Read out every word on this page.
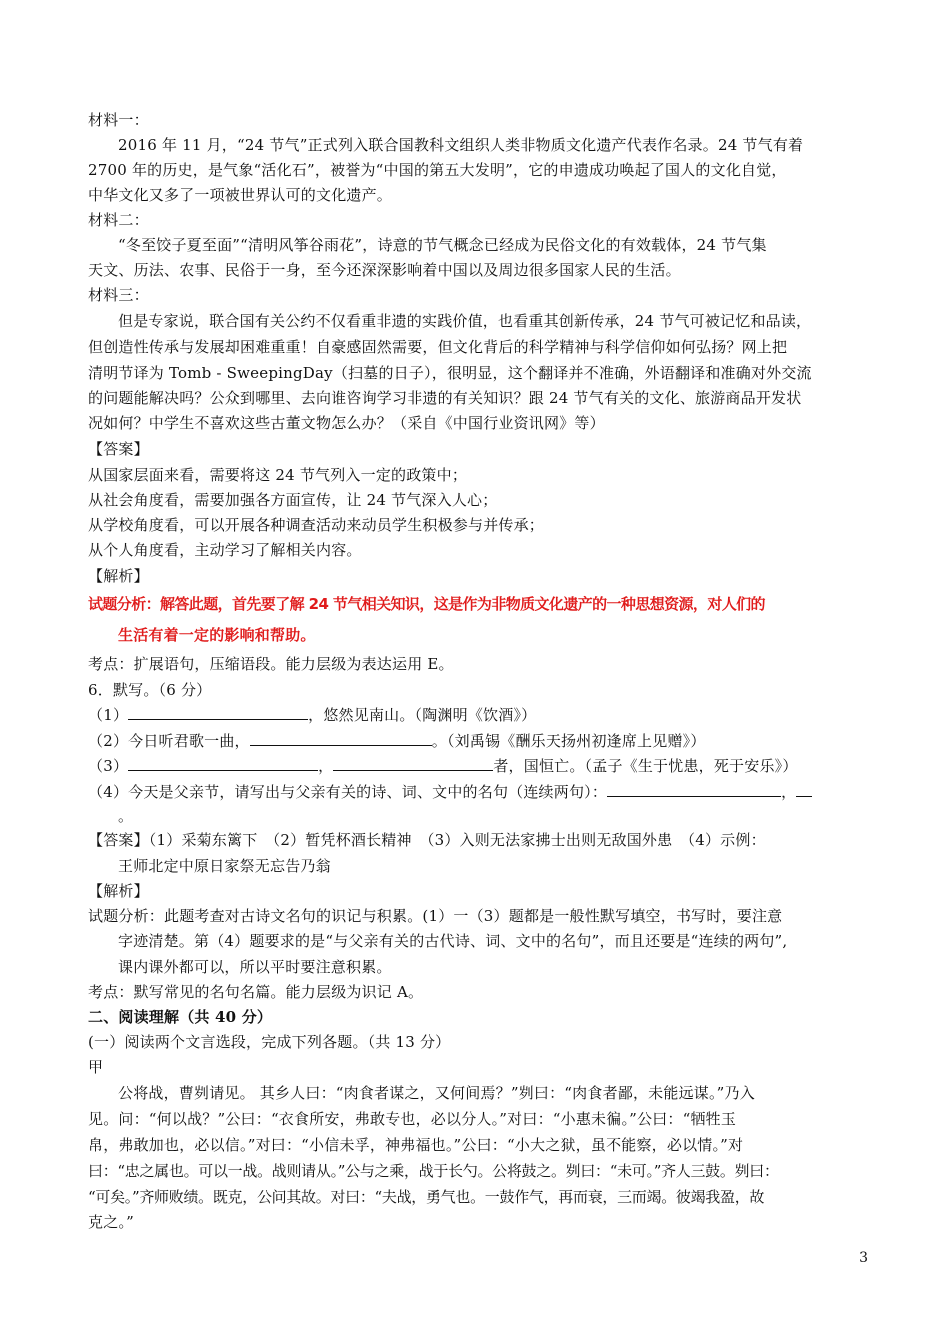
材料一：
2016 年 11 月，“24 节气”正式列入联合国教科文组织人类非物质文化遗产代表作名录。24 节气有着
2700 年的历史，是气象“活化石”，被誉为“中国的第五大发明”，它的申遗成功唤起了国人的文化自觉，
中华文化又多了一项被世界认可的文化遗产。
材料二：
“冬至饺子夏至面”“清明风筝谷雨花”，诗意的节气概念已经成为民俗文化的有效载体，24 节气集
天文、历法、农事、民俗于一身，至今还深深影响着中国以及周边很多国家人民的生活。
材料三：
但是专家说，联合国有关公约不仅看重非遗的实践价值，也看重其创新传承，24 节气可被记忆和品读，
但创造性传承与发展却困难重重！自豪感固然需要，但文化背后的科学精神与科学信仰如何弘扬？网上把
清明节译为 Tomb - SweepingDay（扫墓的日子），很明显，这个翻译并不准确，外语翻译和准确对外交流
的问题能解决吗？公众到哪里、去向谁咨询学习非遗的有关知识？跟 24 节气有关的文化、旅游商品开发状
况如何？中学生不喜欢这些古董文物怎么办？（采自《中国行业资讯网》等）
【答案】
从国家层面来看，需要将这 24 节气列入一定的政策中；
从社会角度看，需要加强各方面宣传，让 24 节气深入人心；
从学校角度看，可以开展各种调查活动来动员学生积极参与并传承；
从个人角度看，主动学习了解相关内容。
【解析】
试题分析：解答此题，首先要了解 24 节气相关知识，这是作为非物质文化遗产的一种思想资源，对人们的
生活有着一定的影响和帮助。
考点：扩展语句，压缩语段。能力层级为表达运用 E。
6．默写。（6 分）
（1）	，悠然见南山。（陶渊明《饮酒》）
（2）今日听君歌一曲，	。（刘禹锡《酬乐天扬州初逢席上见赠》）
（3）	，	者，国恒亡。（孟子《生于忧患，死于安乐》）
（4）今天是父亲节，请写出与父亲有关的诗、词、文中的名句（连续两句）：	，
。
【答案】（1）采菊东篱下　（2）暂凭杯酒长精神　（3）入则无法家拂士出则无敌国外患　（4）示例：
王师北定中原日家祭无忘告乃翁
【解析】
试题分析：此题考查对古诗文名句的识记与积累。(1）一（3）题都是一般性默写填空，书写时，要注意
字迹清楚。第（4）题要求的是“与父亲有关的古代诗、词、文中的名句”，而且还要是“连续的两句”,
课内课外都可以，所以平时要注意积累。
考点：默写常见的名句名篇。能力层级为识记 A。
二、阅读理解（共 40 分）
(一）阅读两个文言选段，完成下列各题。（共 13 分）
甲
公将战，曹刿请见。 其乡人曰：“肉食者谋之，又何间焉？”刿曰：“肉食者鄙，未能远谋。”乃入
见。问：“何以战？”公曰：“衣食所安，弗敢专也，必以分人。”对曰：“小惠未徧。”公曰：“牺牲玉
帛，弗敢加也，必以信。”对曰：“小信未孚，神弗福也。”公曰：“小大之狱，虽不能察，必以情。”对
曰：“忠之属也。可以一战。战则请从。”公与之乘，战于长勺。公将鼓之。刿曰：“未可。”齐人三鼓。刿曰：
“可矣。”齐师败绩。既克，公问其故。对曰：“夫战，勇气也。一鼓作气，再而衰，三而竭。彼竭我盈，故
克之。”
3
